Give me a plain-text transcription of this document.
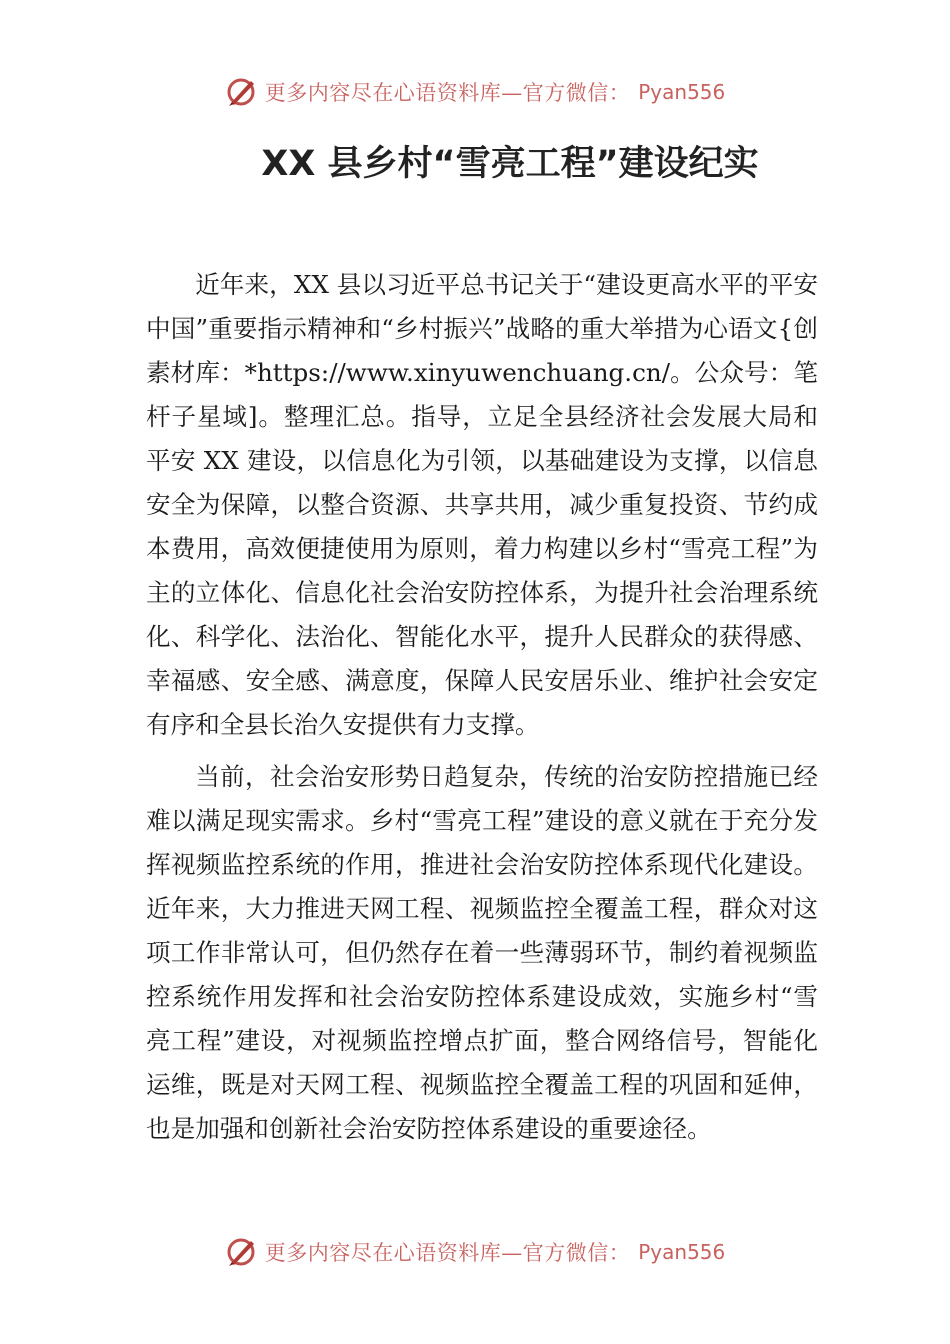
更多内容尽在心语资料库—官方微信： Pyan556
XX 县乡村“雪亮工程”建设纪实

近年来，XX 县以习近平总书记关于“建设更高水平的平安中国”重要指示精神和“乡村振兴”战略的重大举措为心语文{创素材库：*https://www.xinyuwenchuang.cn/。公众号：笔杆子星域]。整理汇总。指导，立足全县经济社会发展大局和平安 XX 建设，以信息化为引领，以基础建设为支撑，以信息安全为保障，以整合资源、共享共用，减少重复投资、节约成本费用，高效便捷使用为原则，着力构建以乡村“雪亮工程”为主的立体化、信息化社会治安防控体系，为提升社会治理系统化、科学化、法治化、智能化水平，提升人民群众的获得感、幸福感、安全感、满意度，保障人民安居乐业、维护社会安定有序和全县长治久安提供有力支撑。

当前，社会治安形势日趋复杂，传统的治安防控措施已经难以满足现实需求。乡村“雪亮工程”建设的意义就在于充分发挥视频监控系统的作用，推进社会治安防控体系现代化建设。近年来，大力推进天网工程、视频监控全覆盖工程，群众对这项工作非常认可，但仍然存在着一些薄弱环节，制约着视频监控系统作用发挥和社会治安防控体系建设成效，实施乡村“雪亮工程”建设，对视频监控增点扩面，整合网络信号，智能化运维，既是对天网工程、视频监控全覆盖工程的巩固和延伸，也是加强和创新社会治安防控体系建设的重要途径。

更多内容尽在心语资料库—官方微信： Pyan556
